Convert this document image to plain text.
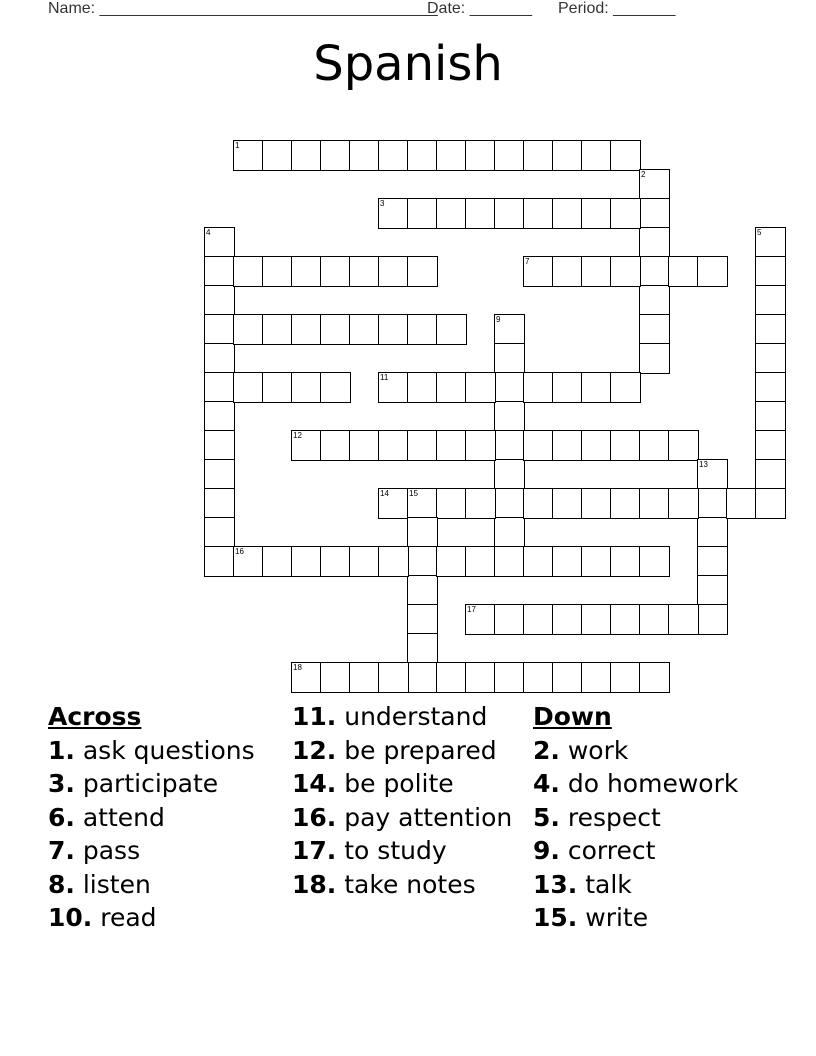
Name: ______________________________________
Date: _______ Period: _______
Spanish
1
2
3
4	5
7
9
11
12
13
14	15
16
17
18
Across
1. ask questions
3. participate
6. attend
7. pass
8. listen
10. read
11. understand
12. be prepared
14. be polite
16. pay attention
17. to study
18. take notes
Down
2. work
4. do homework
5. respect
9. correct
13. talk
15. write
